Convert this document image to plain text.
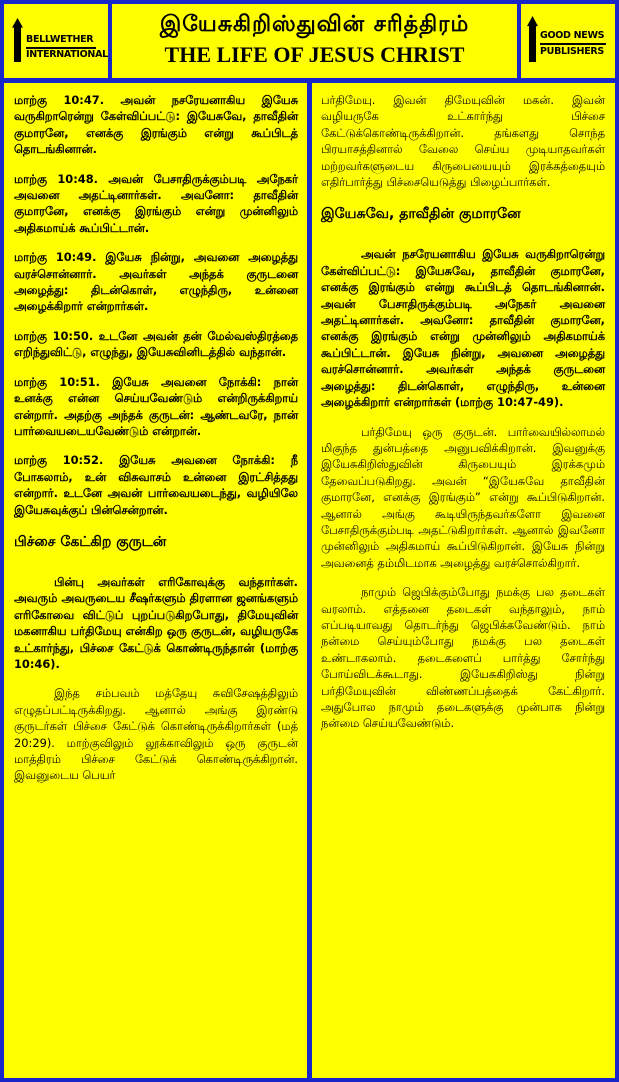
BELLWETHER
INTERNATIONAL
இயேசுகிறிஸ்துவின் சரித்திரம்
THE LIFE OF JESUS CHRIST
GOOD NEWS
PUBLISHERS

மாற்கு 10:47. அவன் நசரேயனாகிய இயேசு வருகிறாரென்று கேள்விப்பட்டு: இயேசுவே, தாவீதின் குமாரனே, எனக்கு இரங்கும் என்று கூப்பிடத் தொடங்கினான்.

மாற்கு 10:48. அவன் பேசாதிருக்கும்படி அநேகர் அவனை அதட்டினார்கள். அவனோ: தாவீதின் குமாரனே, எனக்கு இரங்கும் என்று முன்னிலும் அதிகமாய்க் கூப்பிட்டான்.

மாற்கு 10:49. இயேசு நின்று, அவனை அழைத்து வரச்சொன்னார். அவர்கள் அந்தக் குருடனை அழைத்து: திடன்கொள், எழுந்திரு, உன்னை அழைக்கிறார் என்றார்கள்.

மாற்கு 10:50. உடனே அவன் தன் மேல்வஸ்திரத்தை எறிந்துவிட்டு, எழுந்து, இயேசுவினிடத்தில் வந்தான்.

மாற்கு 10:51. இயேசு அவனை நோக்கி: நான் உனக்கு என்ன செய்யவேண்டும் என்றிருக்கிறாய் என்றார். அதற்கு அந்தக் குருடன்: ஆண்டவரே, நான் பார்வையடையவேண்டும் என்றான்.

மாற்கு 10:52. இயேசு அவனை நோக்கி: நீ போகலாம், உன் விசுவாசம் உன்னை இரட்சித்தது என்றார். உடனே அவன் பார்வையடைந்து, வழியிலே இயேசுவுக்குப் பின்சென்றான்.

பிச்சை கேட்கிற குருடன்

பின்பு அவர்கள் எரிகோவுக்கு வந்தார்கள். அவரும் அவருடைய சீஷர்களும் திரளான ஜனங்களும் எரிகோவை விட்டுப் புறப்படுகிறபோது, திமேயுவின் மகனாகிய பர்திமேயு என்கிற ஒரு குருடன், வழியருகே உட்கார்ந்து, பிச்சை கேட்டுக் கொண்டிருந்தான் (மாற்கு 10:46).

இந்த சம்பவம் மத்தேயு சுவிசேஷத்திலும் எழுதப்பட்டிருக்கிறது. ஆனால் அங்கு இரண்டு குருடர்கள் பிச்சை கேட்டுக் கொண்டிருக்கிறார்கள் (மத் 20:29). மாற்குவிலும் லூக்காவிலும் ஒரு குருடன் மாத்திரம் பிச்சை கேட்டுக் கொண்டிருக்கிறான். இவனுடைய பெயர்

பர்திமேயு. இவன் திமேயுவின் மகன். இவன் வழியருகே உட்கார்ந்து பிச்சை கேட்டுக்கொண்டிருக்கிறான். தங்களது சொந்த பிரயாசத்தினால் வேலை செய்ய முடியாதவர்கள் மற்றவர்களுடைய கிருபையையும் இரக்கத்தையும் எதிர்பார்த்து பிச்சையெடுத்து பிழைப்பார்கள்.

இயேசுவே, தாவீதின் குமாரனே

அவன் நசரேயனாகிய இயேசு வருகிறாரென்று கேள்விப்பட்டு: இயேசுவே, தாவீதின் குமாரனே, எனக்கு இரங்கும் என்று கூப்பிடத் தொடங்கினான். அவன் பேசாதிருக்கும்படி அநேகர் அவனை அதட்டினார்கள். அவனோ: தாவீதின் குமாரனே, எனக்கு இரங்கும் என்று முன்னிலும் அதிகமாய்க் கூப்பிட்டான். இயேசு நின்று, அவனை அழைத்து வரச்சொன்னார். அவர்கள் அந்தக் குருடனை அழைத்து: திடன்கொள், எழுந்திரு, உன்னை அழைக்கிறார் என்றார்கள் (மாற்கு 10:47-49).

பர்திமேயு ஒரு குருடன். பார்வையில்லாமல் மிகுந்த துன்பத்தை அனுபவிக்கிறான். இவனுக்கு இயேசுகிறிஸ்துவின் கிருபையும் இரக்கமும் தேவைப்படுகிறது. அவன் “இயேசுவே தாவீதின் குமாரனே, எனக்கு இரங்கும்” என்று கூப்பிடுகிறான். ஆனால் அங்கு கூடியிருந்தவர்களோ இவனை பேசாதிருக்கும்படி அதட்டுகிறார்கள். ஆனால் இவனோ முன்னிலும் அதிகமாய் கூப்பிடுகிறான். இயேசு நின்று அவனைத் தம்மிடமாக அழைத்து வரச்சொல்கிறார்.

நாமும் ஜெபிக்கும்போது நமக்கு பல தடைகள் வரலாம். எத்தனை தடைகள் வந்தாலும், நாம் எப்படியாவது தொடர்ந்து ஜெபிக்கவேண்டும். நாம் நன்மை செய்யும்போது நமக்கு பல தடைகள் உண்டாகலாம். தடைகளைப் பார்த்து சோர்ந்து போய்விடக்கூடாது. இயேசுகிறிஸ்து நின்று பர்திமேயுவின் விண்ணப்பத்தைக் கேட்கிறார். அதுபோல நாமும் தடைகளுக்கு முன்பாக நின்று நன்மை செய்யவேண்டும்.
